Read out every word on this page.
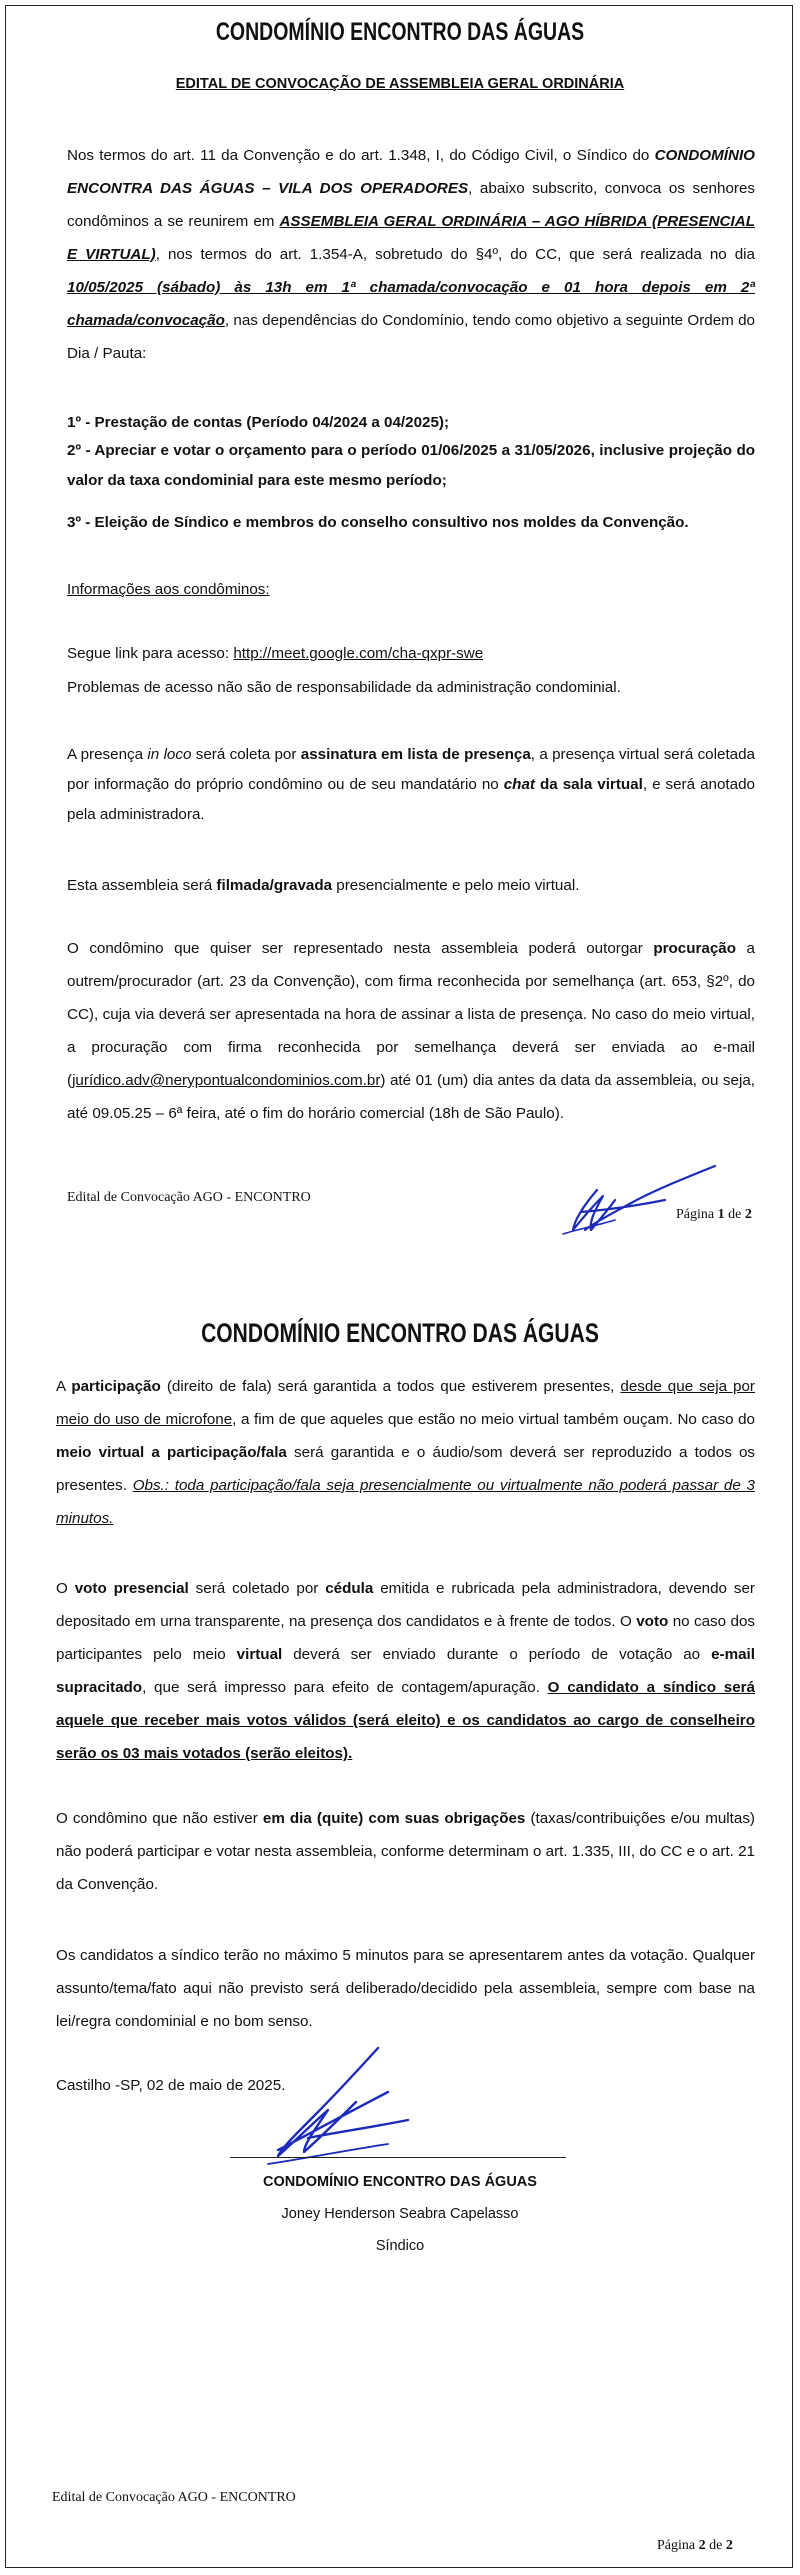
CONDOMÍNIO ENCONTRO DAS ÁGUAS
EDITAL DE CONVOCAÇÃO DE ASSEMBLEIA GERAL ORDINÁRIA

Nos termos do art. 11 da Convenção e do art. 1.348, I, do Código Civil, o Síndico do CONDOMÍNIO ENCONTRA DAS ÁGUAS – VILA DOS OPERADORES, abaixo subscrito, convoca os senhores condôminos a se reunirem em ASSEMBLEIA GERAL ORDINÁRIA – AGO HÍBRIDA (PRESENCIAL E VIRTUAL), nos termos do art. 1.354-A, sobretudo do §4º, do CC, que será realizada no dia 10/05/2025 (sábado) às 13h em 1ª chamada/convocação e 01 hora depois em 2ª chamada/convocação, nas dependências do Condomínio, tendo como objetivo a seguinte Ordem do Dia / Pauta:

1º - Prestação de contas (Período 04/2024 a 04/2025);

2º - Apreciar e votar o orçamento para o período 01/06/2025 a 31/05/2026, inclusive projeção do valor da taxa condominial para este mesmo período;

3º - Eleição de Síndico e membros do conselho consultivo nos moldes da Convenção.

Informações aos condôminos:

Segue link para acesso: http://meet.google.com/cha-qxpr-swe

Problemas de acesso não são de responsabilidade da administração condominial.

A presença in loco será coleta por assinatura em lista de presença, a presença virtual será coletada por informação do próprio condômino ou de seu mandatário no chat da sala virtual, e será anotado pela administradora.

Esta assembleia será filmada/gravada presencialmente e pelo meio virtual.

O condômino que quiser ser representado nesta assembleia poderá outorgar procuração a outrem/procurador (art. 23 da Convenção), com firma reconhecida por semelhança (art. 653, §2º, do CC), cuja via deverá ser apresentada na hora de assinar a lista de presença. No caso do meio virtual, a procuração com firma reconhecida por semelhança deverá ser enviada ao e-mail (jurídico.adv@nerypontualcondominios.com.br) até 01 (um) dia antes da data da assembleia, ou seja, até 09.05.25 – 6ª feira, até o fim do horário comercial (18h de São Paulo).

Edital de Convocação AGO - ENCONTRO
Página 1 de 2
CONDOMÍNIO ENCONTRO DAS ÁGUAS

A participação (direito de fala) será garantida a todos que estiverem presentes, desde que seja por meio do uso de microfone, a fim de que aqueles que estão no meio virtual também ouçam. No caso do meio virtual a participação/fala será garantida e o áudio/som deverá ser reproduzido a todos os presentes. Obs.: toda participação/fala seja presencialmente ou virtualmente não poderá passar de 3 minutos.

O voto presencial será coletado por cédula emitida e rubricada pela administradora, devendo ser depositado em urna transparente, na presença dos candidatos e à frente de todos. O voto no caso dos participantes pelo meio virtual deverá ser enviado durante o período de votação ao e-mail supracitado, que será impresso para efeito de contagem/apuração. O candidato a síndico será aquele que receber mais votos válidos (será eleito) e os candidatos ao cargo de conselheiro serão os 03 mais votados (serão eleitos).

O condômino que não estiver em dia (quite) com suas obrigações (taxas/contribuições e/ou multas) não poderá participar e votar nesta assembleia, conforme determinam o art. 1.335, III, do CC e o art. 21 da Convenção.

Os candidatos a síndico terão no máximo 5 minutos para se apresentarem antes da votação. Qualquer assunto/tema/fato aqui não previsto será deliberado/decidido pela assembleia, sempre com base na lei/regra condominial e no bom senso.

Castilho -SP, 02 de maio de 2025.

CONDOMÍNIO ENCONTRO DAS ÁGUAS
Joney Henderson Seabra Capelasso
Síndico
Edital de Convocação AGO - ENCONTRO
Página 2 de 2
